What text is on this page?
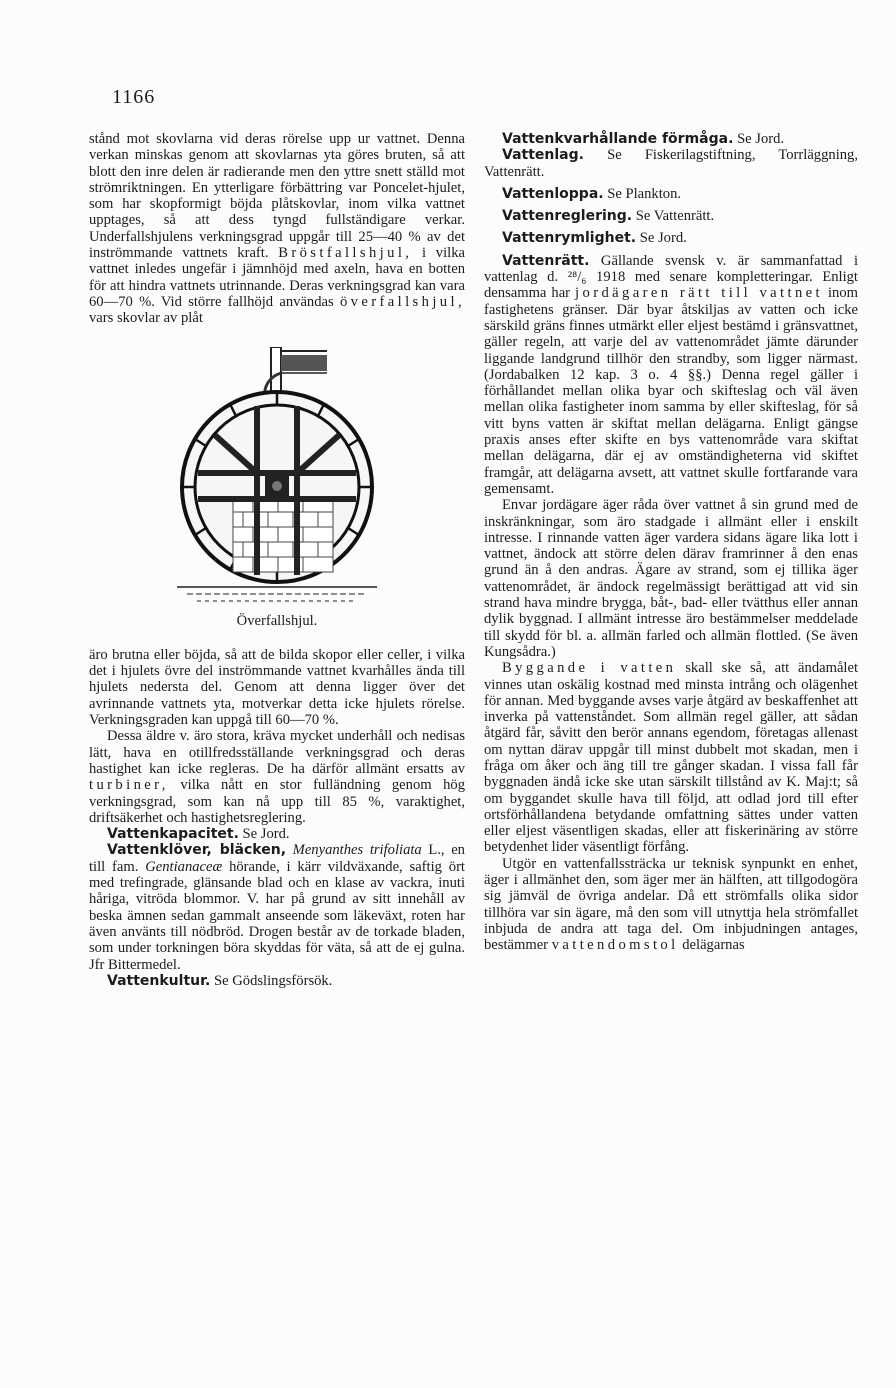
1166

stånd mot skovlarna vid deras rörelse upp ur vattnet. Denna verkan minskas genom att skovlarnas yta göres bruten, så att blott den inre delen är radierande men den yttre snett ställd mot strömriktningen. En ytterligare förbättring var Poncelet-hjulet, som har skopformigt böjda plåtskovlar, inom vilka vattnet upptages, så att dess tyngd fullständigare verkar. Underfallshjulens verkningsgrad uppgår till 25—40 % av det inströmmande vattnets kraft. Bröstfallshjul, i vilka vattnet inledes ungefär i jämnhöjd med axeln, hava en botten för att hindra vattnets utrinnande. Deras verkningsgrad kan vara 60—70 %. Vid större fallhöjd användas överfallshjul, vars skovlar av plåt

Överfallshjul.

äro brutna eller böjda, så att de bilda skopor eller celler, i vilka det i hjulets övre del inströmmande vattnet kvarhålles ända till hjulets nedersta del. Genom att denna ligger över det avrinnande vattnets yta, motverkar detta icke hjulets rörelse. Verkningsgraden kan uppgå till 60—70 %.

Dessa äldre v. äro stora, kräva mycket underhåll och nedisas lätt, hava en otillfredsställande verkningsgrad och deras hastighet kan icke regleras. De ha därför allmänt ersatts av turbiner, vilka nått en stor fulländning genom hög verkningsgrad, som kan nå upp till 85 %, varaktighet, driftsäkerhet och hastighetsreglering.

Vattenkapacitet. Se Jord.

Vattenklöver, bläcken, Menyanthes trifoliata L., en till fam. Gentianaceæ hörande, i kärr vildväxande, saftig ört med trefingrade, glänsande blad och en klase av vackra, inuti håriga, vitröda blommor. V. har på grund av sitt innehåll av beska ämnen sedan gammalt anseende som läkeväxt, roten har även använts till nödbröd. Drogen består av de torkade bladen, som under torkningen böra skyddas för väta, så att de ej gulna. Jfr Bittermedel.

Vattenkultur. Se Gödslingsförsök.

Vattenkvarhållande förmåga. Se Jord.

Vattenlag. Se Fiskerilagstiftning, Torrläggning, Vattenrätt.

Vattenloppa. Se Plankton.

Vattenreglering. Se Vattenrätt.

Vattenrymlighet. Se Jord.

Vattenrätt. Gällande svensk v. är sammanfattad i vattenlag d. ²⁸/₆ 1918 med senare kompletteringar. Enligt densamma har jordägaren rätt till vattnet inom fastighetens gränser. Där byar åtskiljas av vatten och icke särskild gräns finnes utmärkt eller eljest bestämd i gränsvattnet, gäller regeln, att varje del av vattenområdet jämte därunder liggande landgrund tillhör den strandby, som ligger närmast. (Jordabalken 12 kap. 3 o. 4 §§.) Denna regel gäller i förhållandet mellan olika byar och skifteslag och väl även mellan olika fastigheter inom samma by eller skifteslag, för så vitt byns vatten är skiftat mellan delägarna. Enligt gängse praxis anses efter skifte en bys vattenområde vara skiftat mellan delägarna, där ej av omständigheterna vid skiftet framgår, att delägarna avsett, att vattnet skulle fortfarande vara gemensamt.

Envar jordägare äger råda över vattnet å sin grund med de inskränkningar, som äro stadgade i allmänt eller i enskilt intresse. I rinnande vatten äger vardera sidans ägare lika lott i vattnet, ändock att större delen därav framrinner å den enas grund än å den andras. Ägare av strand, som ej tillika äger vattenområdet, är ändock regelmässigt berättigad att vid sin strand hava mindre brygga, båt-, bad- eller tvätthus eller annan dylik byggnad. I allmänt intresse äro bestämmelser meddelade till skydd för bl. a. allmän farled och allmän flottled. (Se även Kungsådra.)

Byggande i vatten skall ske så, att ändamålet vinnes utan oskälig kostnad med minsta intrång och olägenhet för annan. Med byggande avses varje åtgärd av beskaffenhet att inverka på vattenståndet. Som allmän regel gäller, att sådan åtgärd får, såvitt den berör annans egendom, företagas allenast om nyttan därav uppgår till minst dubbelt mot skadan, men i fråga om åker och äng till tre gånger skadan. I vissa fall får byggnaden ändå icke ske utan särskilt tillstånd av K. Maj:t; så om byggandet skulle hava till följd, att odlad jord till efter ortsförhållandena betydande omfattning sättes under vatten eller eljest väsentligen skadas, eller att fiskerinäring av större betydenhet lider väsentligt förfång.

Utgör en vattenfallssträcka ur teknisk synpunkt en enhet, äger i allmänhet den, som äger mer än hälften, att tillgodogöra sig jämväl de övriga andelar. Då ett strömfalls olika sidor tillhöra var sin ägare, må den som vill utnyttja hela strömfallet inbjuda de andra att taga del. Om inbjudningen antages, bestämmer vattendomstol delägarnas
